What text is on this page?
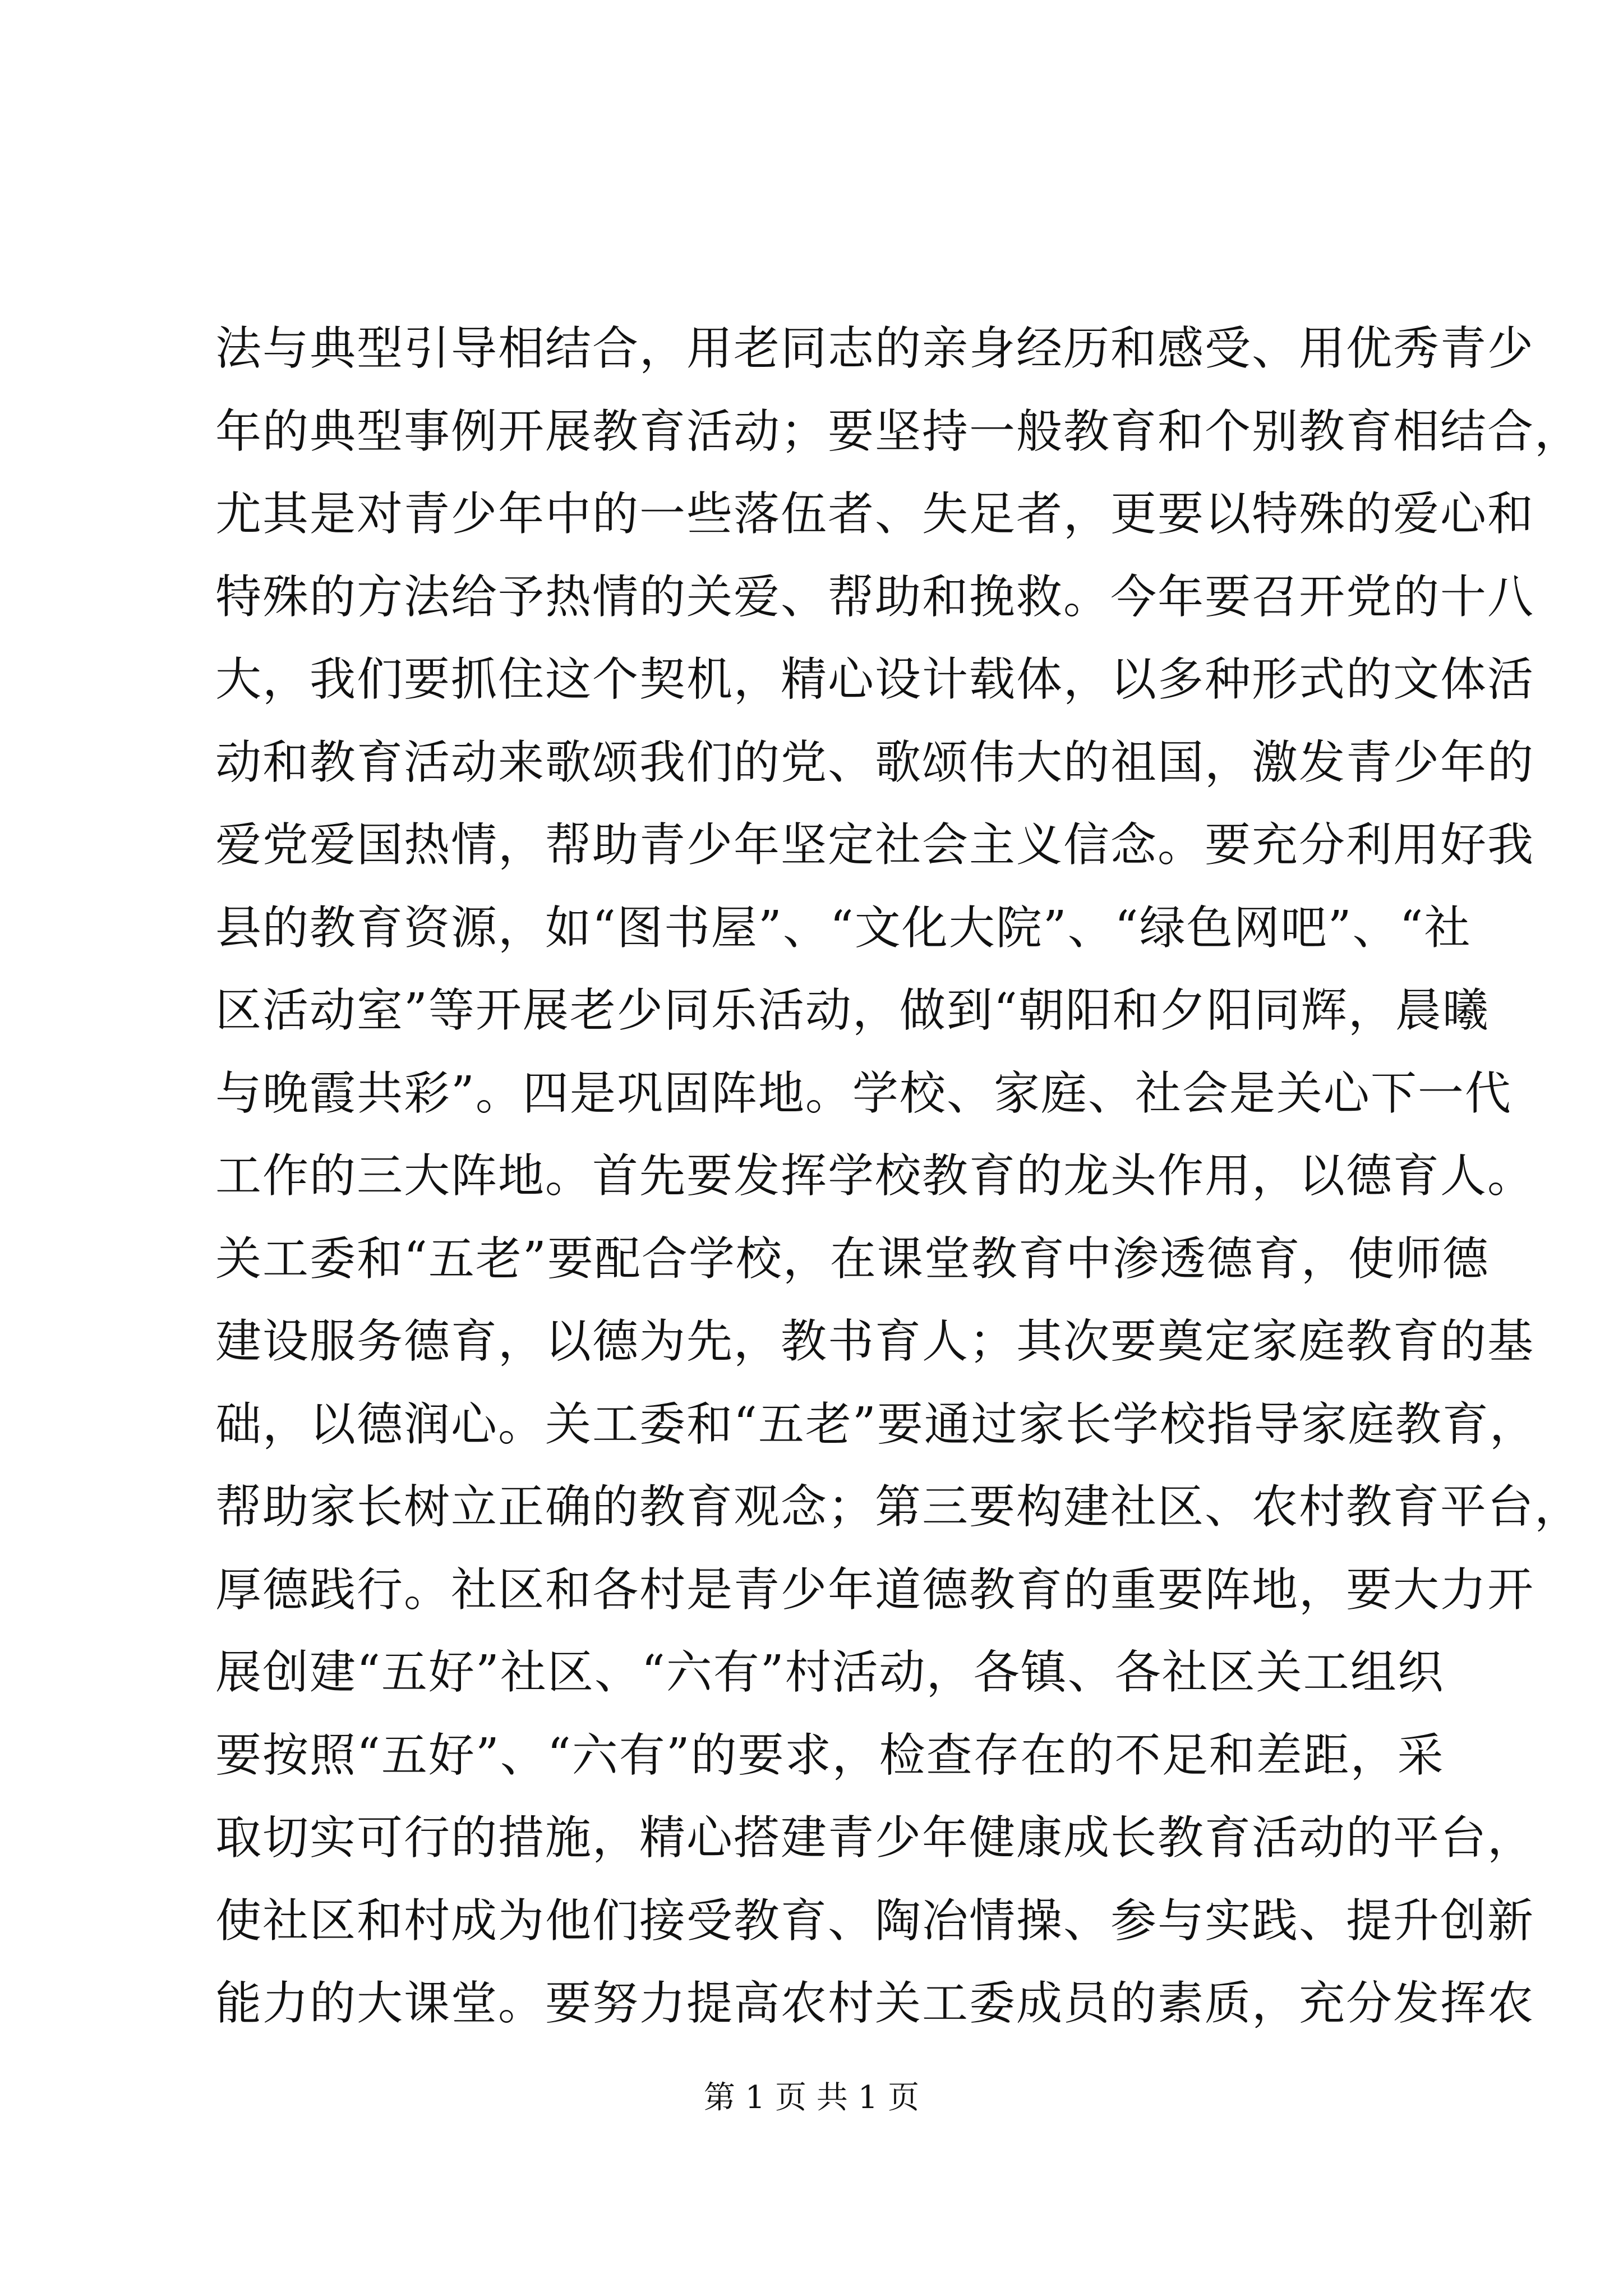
法与典型引导相结合，用老同志的亲身经历和感受、用优秀青少
年的典型事例开展教育活动；要坚持一般教育和个别教育相结合，
尤其是对青少年中的一些落伍者、失足者，更要以特殊的爱心和
特殊的方法给予热情的关爱、帮助和挽救。今年要召开党的十八
大，我们要抓住这个契机，精心设计载体，以多种形式的文体活
动和教育活动来歌颂我们的党、歌颂伟大的祖国，激发青少年的
爱党爱国热情，帮助青少年坚定社会主义信念。要充分利用好我
县的教育资源，如“图书屋”、“文化大院”、“绿色网吧”、“社
区活动室”等开展老少同乐活动，做到“朝阳和夕阳同辉，晨曦
与晚霞共彩”。四是巩固阵地。学校、家庭、社会是关心下一代
工作的三大阵地。首先要发挥学校教育的龙头作用，以德育人。
关工委和“五老”要配合学校，在课堂教育中渗透德育，使师德
建设服务德育，以德为先，教书育人；其次要奠定家庭教育的基
础，以德润心。关工委和“五老”要通过家长学校指导家庭教育，
帮助家长树立正确的教育观念；第三要构建社区、农村教育平台，
厚德践行。社区和各村是青少年道德教育的重要阵地，要大力开
展创建“五好”社区、“六有”村活动，各镇、各社区关工组织
要按照“五好”、“六有”的要求，检查存在的不足和差距，采
取切实可行的措施，精心搭建青少年健康成长教育活动的平台，
使社区和村成为他们接受教育、陶冶情操、参与实践、提升创新
能力的大课堂。要努力提高农村关工委成员的素质，充分发挥农
第 1 页 共 1 页
